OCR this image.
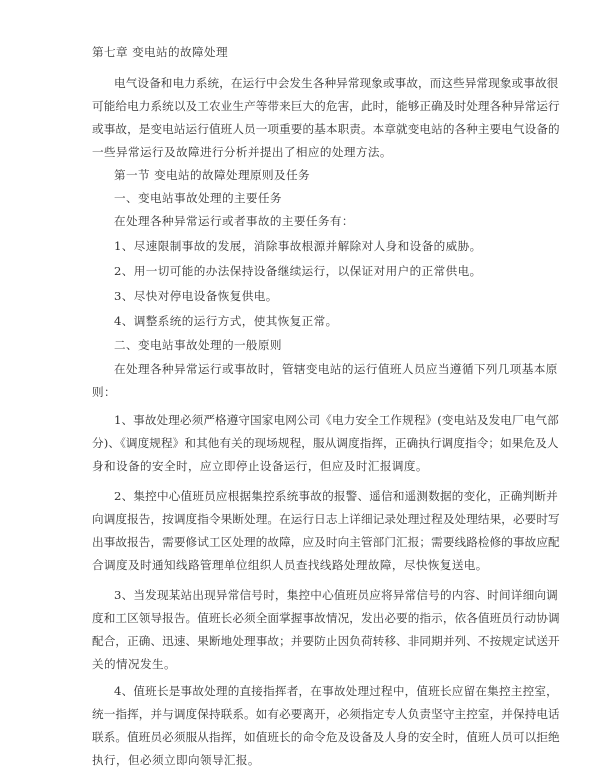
第七章 变电站的故障处理
电气设备和电力系统，在运行中会发生各种异常现象或事故，而这些异常现象或事故很
可能给电力系统以及工农业生产等带来巨大的危害，此时，能够正确及时处理各种异常运行
或事故，是变电站运行值班人员一项重要的基本职责。本章就变电站的各种主要电气设备的
一些异常运行及故障进行分析并提出了相应的处理方法。
第一节 变电站的故障处理原则及任务
一、变电站事故处理的主要任务
在处理各种异常运行或者事故的主要任务有：
1、尽速限制事故的发展，消除事故根源并解除对人身和设备的威胁。
2、用一切可能的办法保持设备继续运行，以保证对用户的正常供电。
3、尽快对停电设备恢复供电。
4、调整系统的运行方式，使其恢复正常。
二、变电站事故处理的一般原则
在处理各种异常运行或事故时，管辖变电站的运行值班人员应当遵循下列几项基本原
则：
1、事故处理必须严格遵守国家电网公司《电力安全工作规程》(变电站及发电厂电气部
分)、《调度规程》和其他有关的现场规程，服从调度指挥，正确执行调度指令；如果危及人
身和设备的安全时，应立即停止设备运行，但应及时汇报调度。
2、集控中心值班员应根据集控系统事故的报警、遥信和遥测数据的变化，正确判断并
向调度报告，按调度指令果断处理。在运行日志上详细记录处理过程及处理结果，必要时写
出事故报告，需要修试工区处理的故障，应及时向主管部门汇报；需要线路检修的事故应配
合调度及时通知线路管理单位组织人员查找线路处理故障，尽快恢复送电。
3、当发现某站出现异常信号时，集控中心值班员应将异常信号的内容、时间详细向调
度和工区领导报告。值班长必须全面掌握事故情况，发出必要的指示，依各值班员行动协调
配合，正确、迅速、果断地处理事故；并要防止因负荷转移、非同期并列、不按规定试送开
关的情况发生。
4、值班长是事故处理的直接指挥者，在事故处理过程中，值班长应留在集控主控室，
统一指挥，并与调度保持联系。如有必要离开，必须指定专人负责坚守主控室，并保持电话
联系。值班员必须服从指挥，如值班长的命令危及设备及人身的安全时，值班人员可以拒绝
执行，但必须立即向领导汇报。
